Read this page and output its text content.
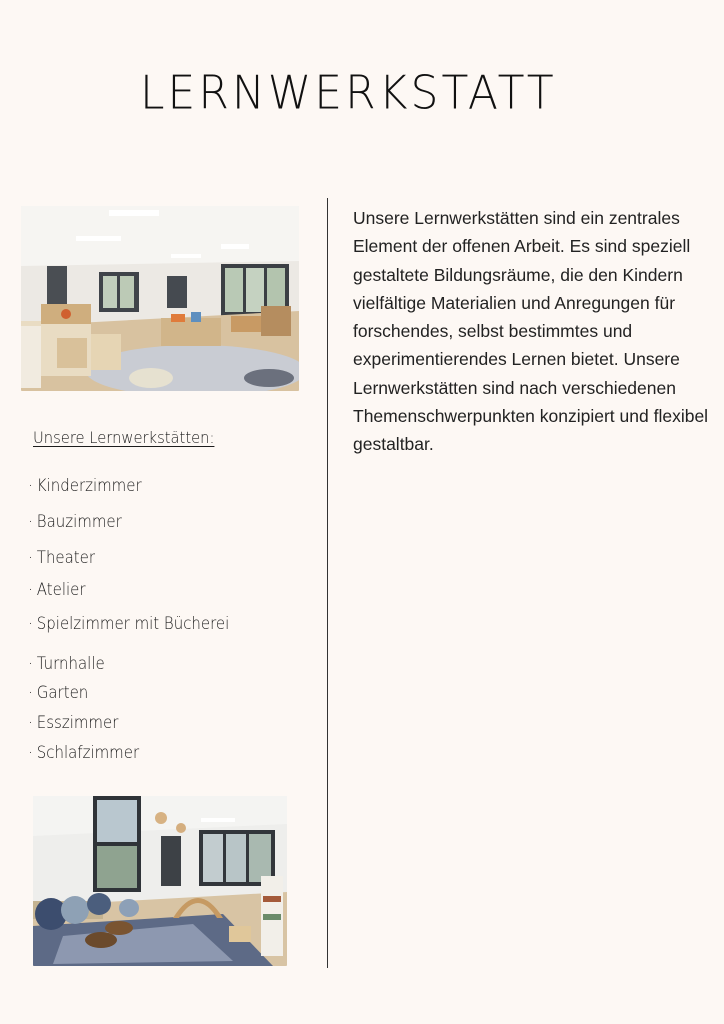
LERNWERKSTATT
Unsere Lernwerkstätten:
· Kinderzimmer
· Bauzimmer
· Theater
· Atelier
· Spielzimmer mit Bücherei
· Turnhalle
· Garten
· Esszimmer
· Schlafzimmer

Unsere Lernwerkstätten sind ein zentrales Element der offenen Arbeit. Es sind speziell gestaltete Bildungsräume, die den Kindern vielfältige Materialien und Anregungen für forschendes, selbst bestimmtes und experimentierendes Lernen bietet. Unsere Lernwerkstätten sind nach verschiedenen Themenschwerpunkten konzipiert und flexibel gestaltbar.
